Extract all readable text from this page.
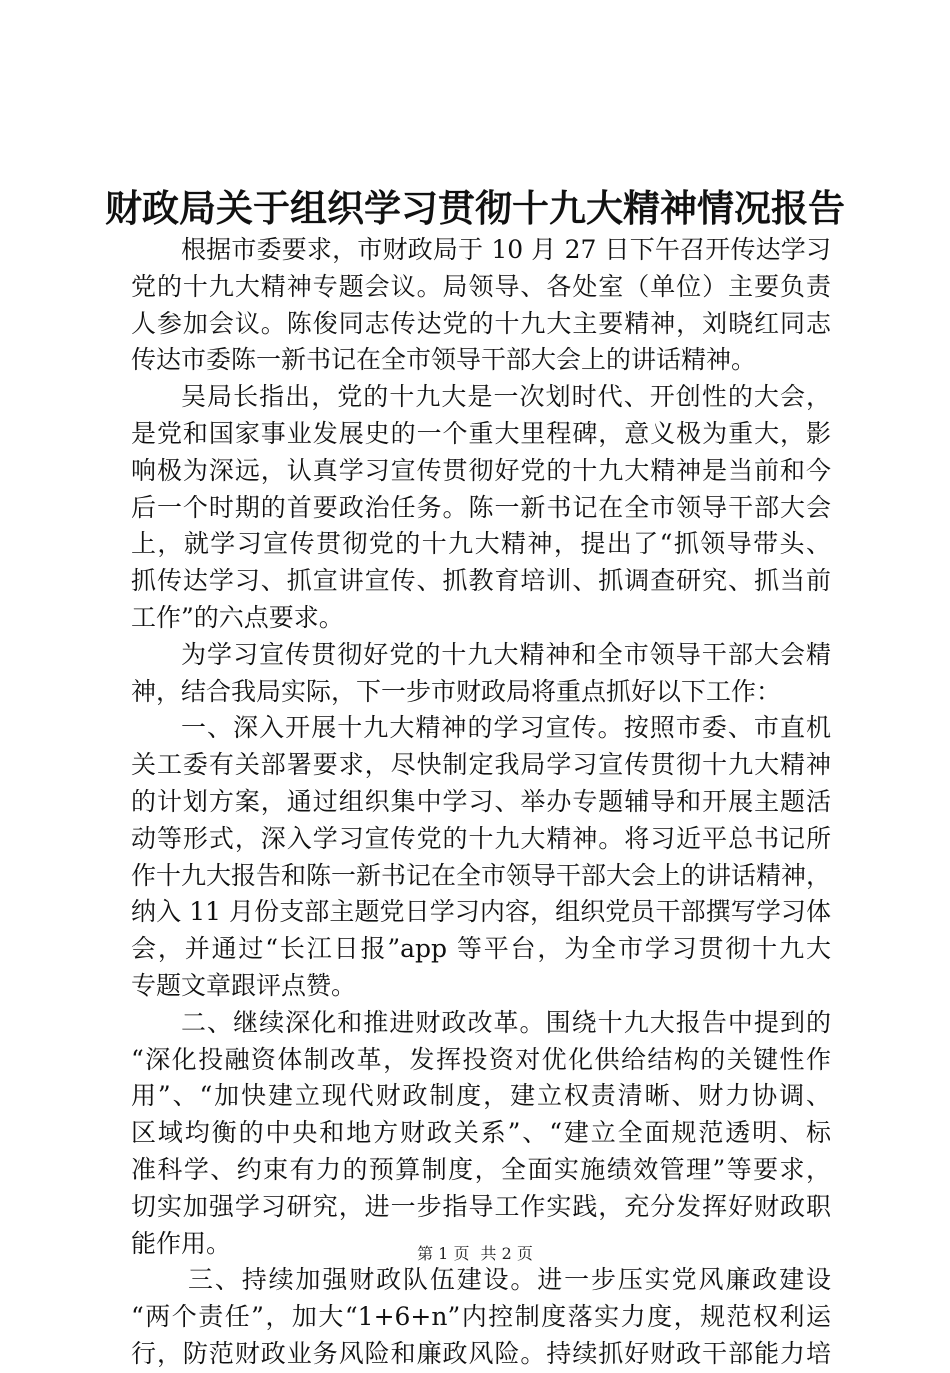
财政局关于组织学习贯彻十九大精神情况报告
根据市委要求，市财政局于 10 月 27 日下午召开传达学习
党的十九大精神专题会议。局领导、各处室（单位）主要负责
人参加会议。陈俊同志传达党的十九大主要精神，刘晓红同志
传达市委陈一新书记在全市领导干部大会上的讲话精神。
吴局长指出，党的十九大是一次划时代、开创性的大会，
是党和国家事业发展史的一个重大里程碑，意义极为重大，影
响极为深远，认真学习宣传贯彻好党的十九大精神是当前和今
后一个时期的首要政治任务。陈一新书记在全市领导干部大会
上，就学习宣传贯彻党的十九大精神，提出了“抓领导带头、
抓传达学习、抓宣讲宣传、抓教育培训、抓调查研究、抓当前
工作”的六点要求。
为学习宣传贯彻好党的十九大精神和全市领导干部大会精
神，结合我局实际，下一步市财政局将重点抓好以下工作：
一、深入开展十九大精神的学习宣传。按照市委、市直机
关工委有关部署要求，尽快制定我局学习宣传贯彻十九大精神
的计划方案，通过组织集中学习、举办专题辅导和开展主题活
动等形式，深入学习宣传党的十九大精神。将习近平总书记所
作十九大报告和陈一新书记在全市领导干部大会上的讲话精神，
纳入 11 月份支部主题党日学习内容，组织党员干部撰写学习体
会，并通过“长江日报”app 等平台，为全市学习贯彻十九大
专题文章跟评点赞。
二、继续深化和推进财政改革。围绕十九大报告中提到的
“深化投融资体制改革，发挥投资对优化供给结构的关键性作
用”、“加快建立现代财政制度，建立权责清晰、财力协调、
区域均衡的中央和地方财政关系”、“建立全面规范透明、标
准科学、约束有力的预算制度，全面实施绩效管理”等要求，
切实加强学习研究，进一步指导工作实践，充分发挥好财政职
能作用。
三、持续加强财政队伍建设。进一步压实党风廉政建设
“两个责任”，加大“1+6+n”内控制度落实力度，规范权利运
行，防范财政业务风险和廉政风险。持续抓好财政干部能力培
第 1 页 共 2 页
